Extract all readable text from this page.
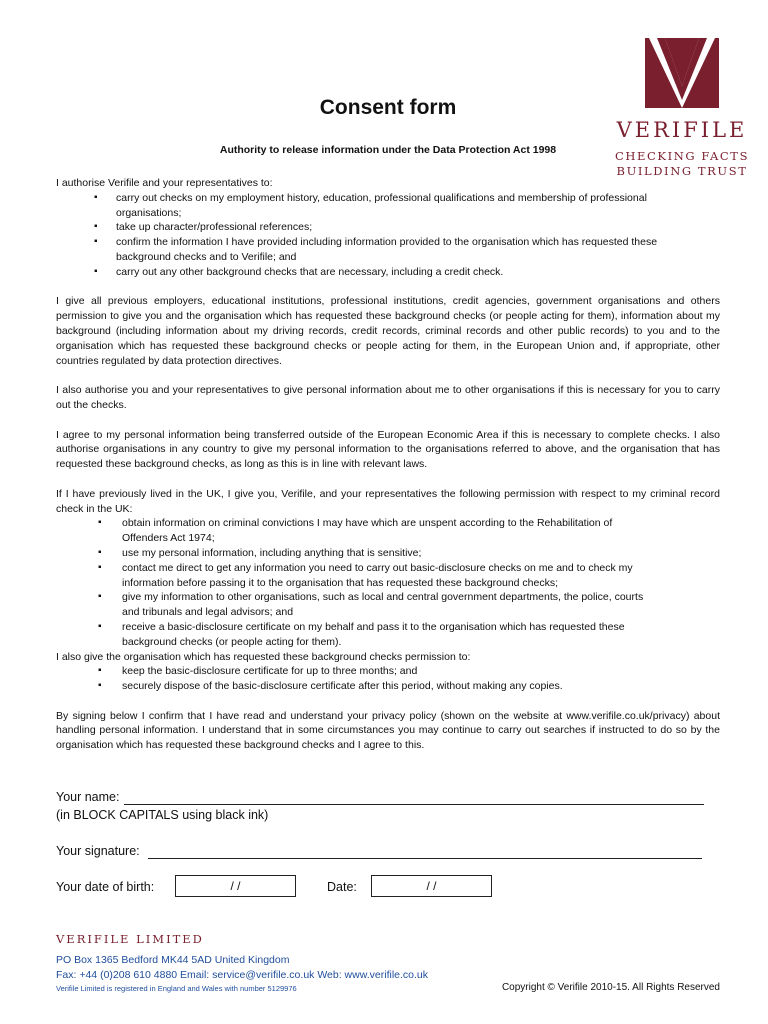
VERIFILE
CHECKING FACTS
BUILDING TRUST
Consent form
Authority to release information under the Data Protection Act 1998

I authorise Verifile and your representatives to:

▪ carry out checks on my employment history, education, professional qualifications and membership of professional organisations;
▪ take up character/professional references;
▪ confirm the information I have provided including information provided to the organisation which has requested these background checks and to Verifile; and
▪ carry out any other background checks that are necessary, including a credit check.

I give all previous employers, educational institutions, professional institutions, credit agencies, government organisations and others permission to give you and the organisation which has requested these background checks (or people acting for them), information about my background (including information about my driving records, credit records, criminal records and other public records) to you and to the organisation which has requested these background checks or people acting for them, in the European Union and, if appropriate, other countries regulated by data protection directives.

I also authorise you and your representatives to give personal information about me to other organisations if this is necessary for you to carry out the checks.

I agree to my personal information being transferred outside of the European Economic Area if this is necessary to complete checks. I also authorise organisations in any country to give my personal information to the organisations referred to above, and the organisation that has requested these background checks, as long as this is in line with relevant laws.

If I have previously lived in the UK, I give you, Verifile, and your representatives the following permission with respect to my criminal record check in the UK:

▪ obtain information on criminal convictions I may have which are unspent according to the Rehabilitation of Offenders Act 1974;
▪ use my personal information, including anything that is sensitive;
▪ contact me direct to get any information you need to carry out basic-disclosure checks on me and to check my information before passing it to the organisation that has requested these background checks;
▪ give my information to other organisations, such as local and central government departments, the police, courts and tribunals and legal advisors; and
▪ receive a basic-disclosure certificate on my behalf and pass it to the organisation which has requested these background checks (or people acting for them).

I also give the organisation which has requested these background checks permission to:

▪ keep the basic-disclosure certificate for up to three months; and
▪ securely dispose of the basic-disclosure certificate after this period, without making any copies.

By signing below I confirm that I have read and understand your privacy policy (shown on the website at www.verifile.co.uk/privacy) about handling personal information. I understand that in some circumstances you may continue to carry out searches if instructed to do so by the organisation which has requested these background checks and I agree to this.

Your name:
(in BLOCK CAPITALS using black ink)
Your signature:
Your date of birth:	/ /	Date:	/ /
VERIFILE LIMITED
PO Box 1365 Bedford MK44 5AD United Kingdom
Fax: +44 (0)208 610 4880 Email: service@verifile.co.uk Web: www.verifile.co.uk
Verifile Limited is registered in England and Wales with number 5129976	Copyright © Verifile 2010-15. All Rights Reserved
